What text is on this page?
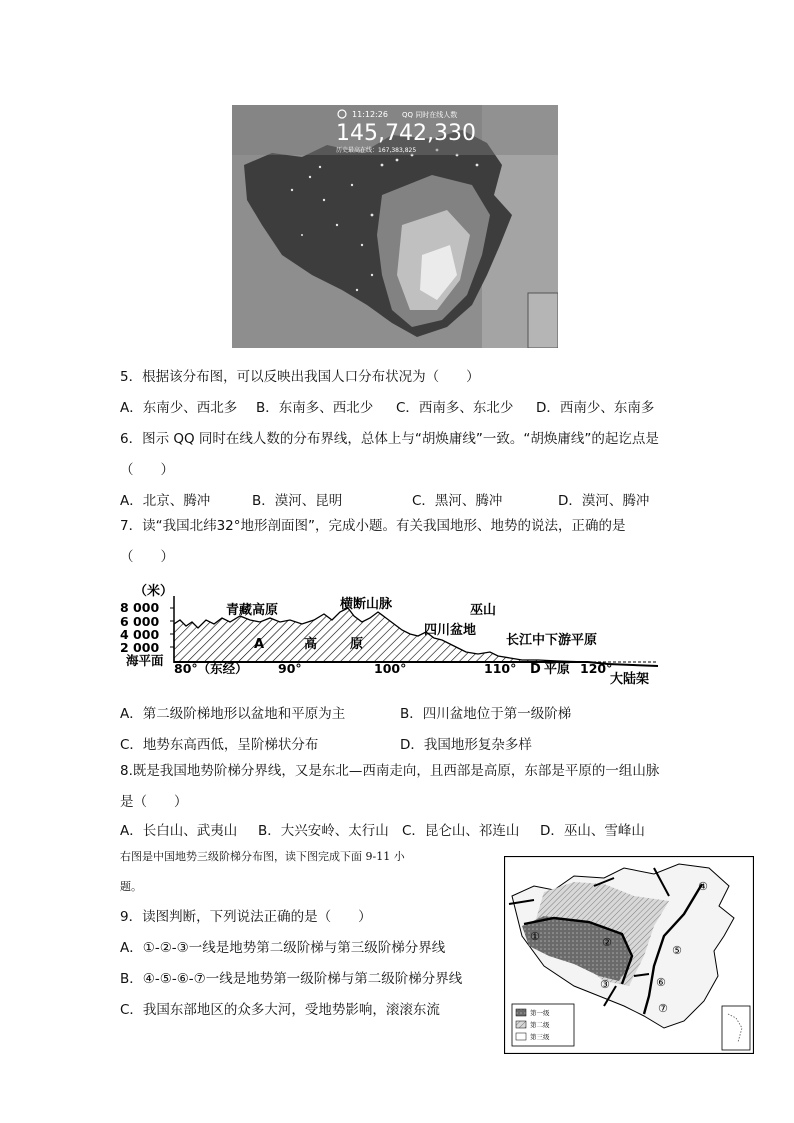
11:12:26 QQ 同时在线人数
145,742,330
历史最高在线：167,383,825
5．根据该分布图，可以反映出我国人口分布状况为（　　）
A．东南少、西北多 B．东南多、西北少 C．西南多、东北少 D．西南少、东南多
6．图示 QQ 同时在线人数的分布界线，总体上与“胡焕庸线”一致。“胡焕庸线”的起讫点是
（　　）
A．北京、腾冲	B．漠河、昆明	C．黑河、腾冲	D．漠河、腾冲
7．读“我国北纬32°地形剖面图”，完成小题。有关我国地形、地势的说法，正确的是
（　　）
（米）
8 000
6 000
4 000
2 000
海平面
青藏高原	横断山脉	巫山
四川盆地
长江中下游平原
A	高	原
D 平原
大陆架
80°（东经） 90°	100°	110°	120°
A．第二级阶梯地形以盆地和平原为主	B．四川盆地位于第一级阶梯
C．地势东高西低，呈阶梯状分布	D．我国地形复杂多样
8.既是我国地势阶梯分界线，又是东北—西南走向，且西部是高原，东部是平原的一组山脉
是（　　）
A．长白山、武夷山 B．大兴安岭、太行山 C．昆仑山、祁连山 D．巫山、雪峰山
右图是中国地势三级阶梯分布图，读下图完成下面 9-11 小
题。
9．读图判断，下列说法正确的是（　　）
A．①-②-③一线是地势第二级阶梯与第三级阶梯分界线
B．④-⑤-⑥-⑦一线是地势第一级阶梯与第二级阶梯分界线
C．我国东部地区的众多大河，受地势影响，滚滚东流
①	②
③
④
⑤
⑥
⑦
第一级
第二级
第三级
